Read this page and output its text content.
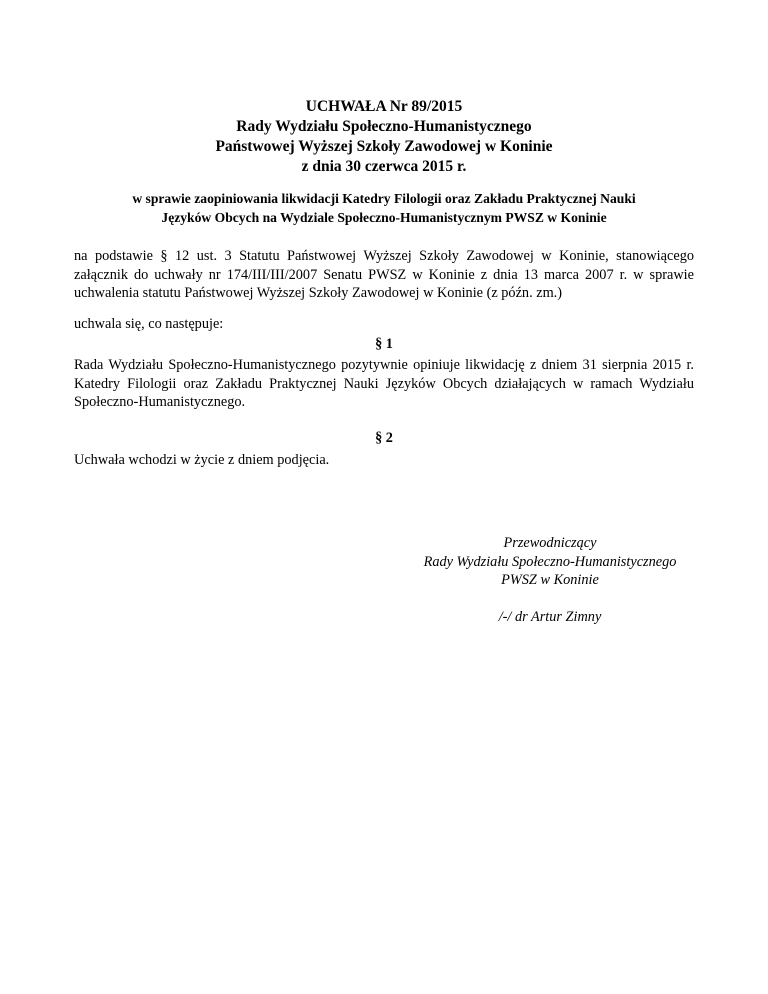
UCHWAŁA Nr 89/2015
Rady Wydziału Społeczno-Humanistycznego
Państwowej Wyższej Szkoły Zawodowej w Koninie
z dnia 30 czerwca 2015 r.
w sprawie zaopiniowania likwidacji Katedry Filologii oraz Zakładu Praktycznej Nauki
Języków Obcych na Wydziale Społeczno-Humanistycznym PWSZ w Koninie
na podstawie § 12 ust. 3 Statutu Państwowej Wyższej Szkoły Zawodowej w Koninie, stanowiącego załącznik do uchwały nr 174/III/III/2007 Senatu PWSZ w Koninie z dnia 13 marca 2007 r. w sprawie uchwalenia statutu Państwowej Wyższej Szkoły Zawodowej w Koninie (z późn. zm.)
uchwala się, co następuje:
§ 1
Rada Wydziału Społeczno-Humanistycznego pozytywnie opiniuje likwidację z dniem 31 sierpnia 2015 r. Katedry Filologii oraz Zakładu Praktycznej Nauki Języków Obcych działających w ramach Wydziału Społeczno-Humanistycznego.
§ 2
Uchwała wchodzi w życie z dniem podjęcia.
Przewodniczący
Rady Wydziału Społeczno-Humanistycznego
PWSZ w Koninie
/-/ dr Artur Zimny
